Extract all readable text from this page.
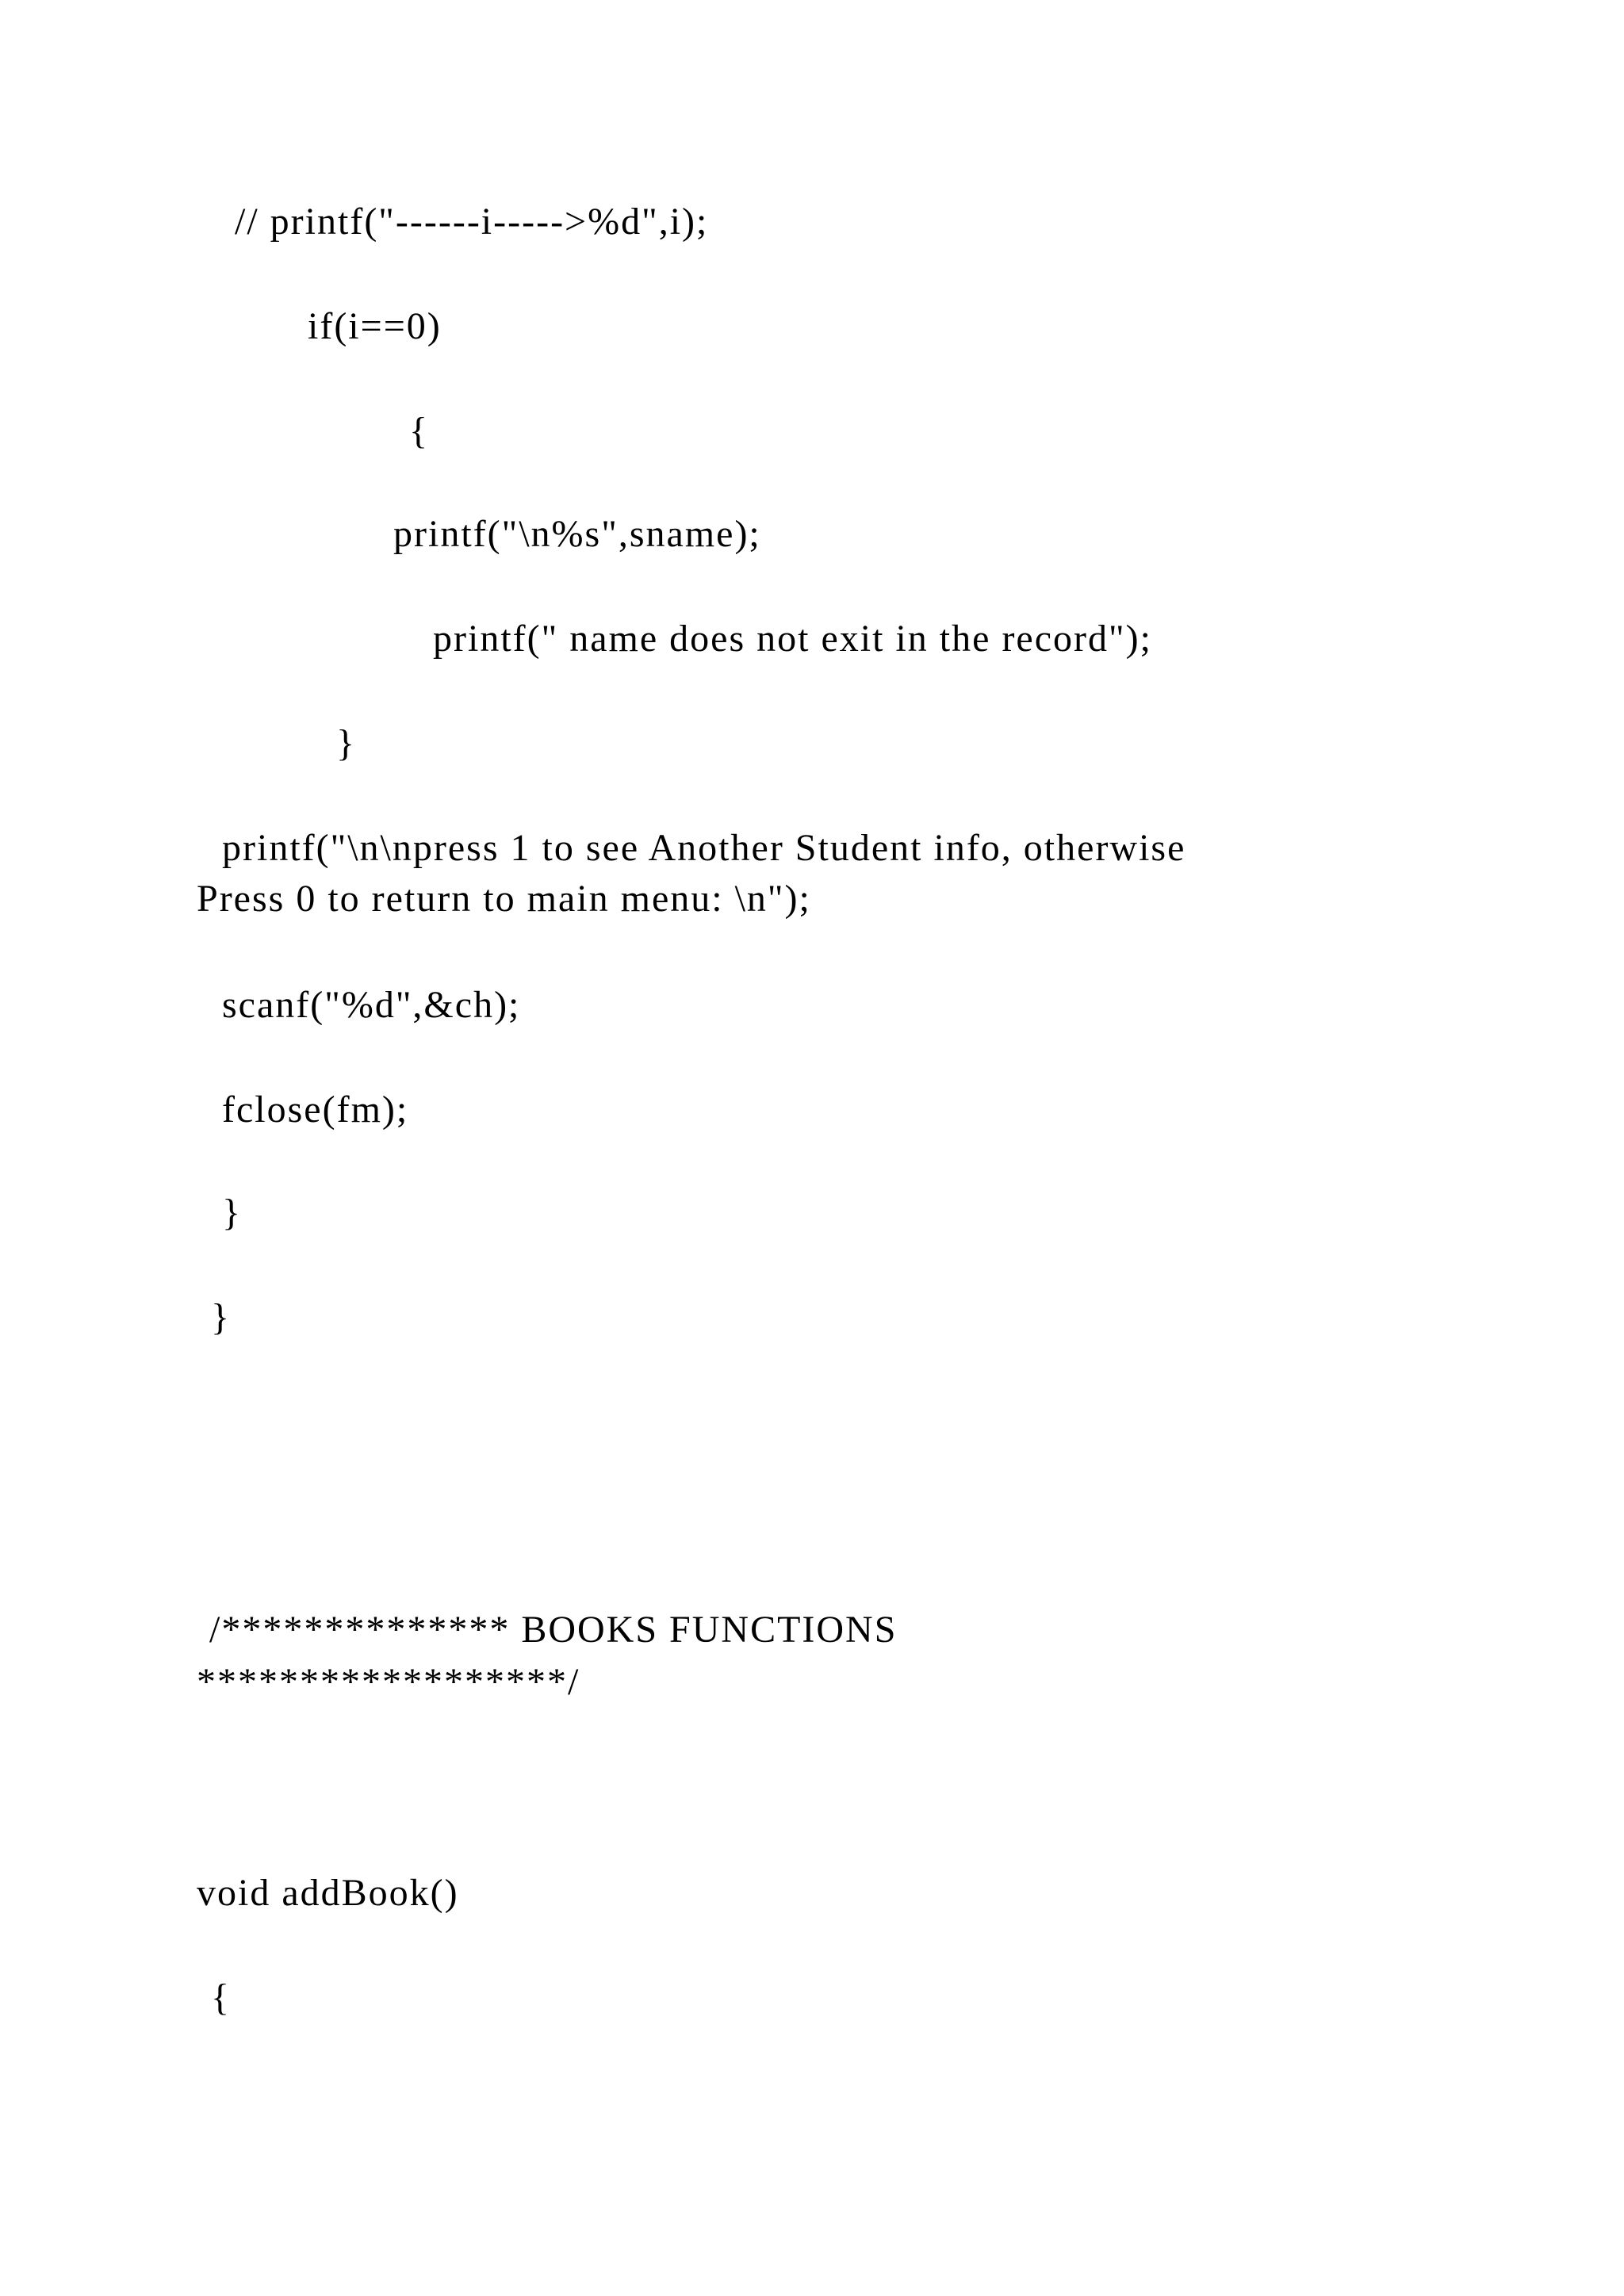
// printf("------i----->%d",i);

if(i==0)

{

printf("\n%s",sname);

printf(" name does not exit in the record");

}

printf("\n\npress 1 to see Another Student info, otherwise

Press 0 to return to main menu: \n");

scanf("%d",&ch);

fclose(fm);

}

}

/************** BOOKS FUNCTIONS

******************/

void addBook()

{
